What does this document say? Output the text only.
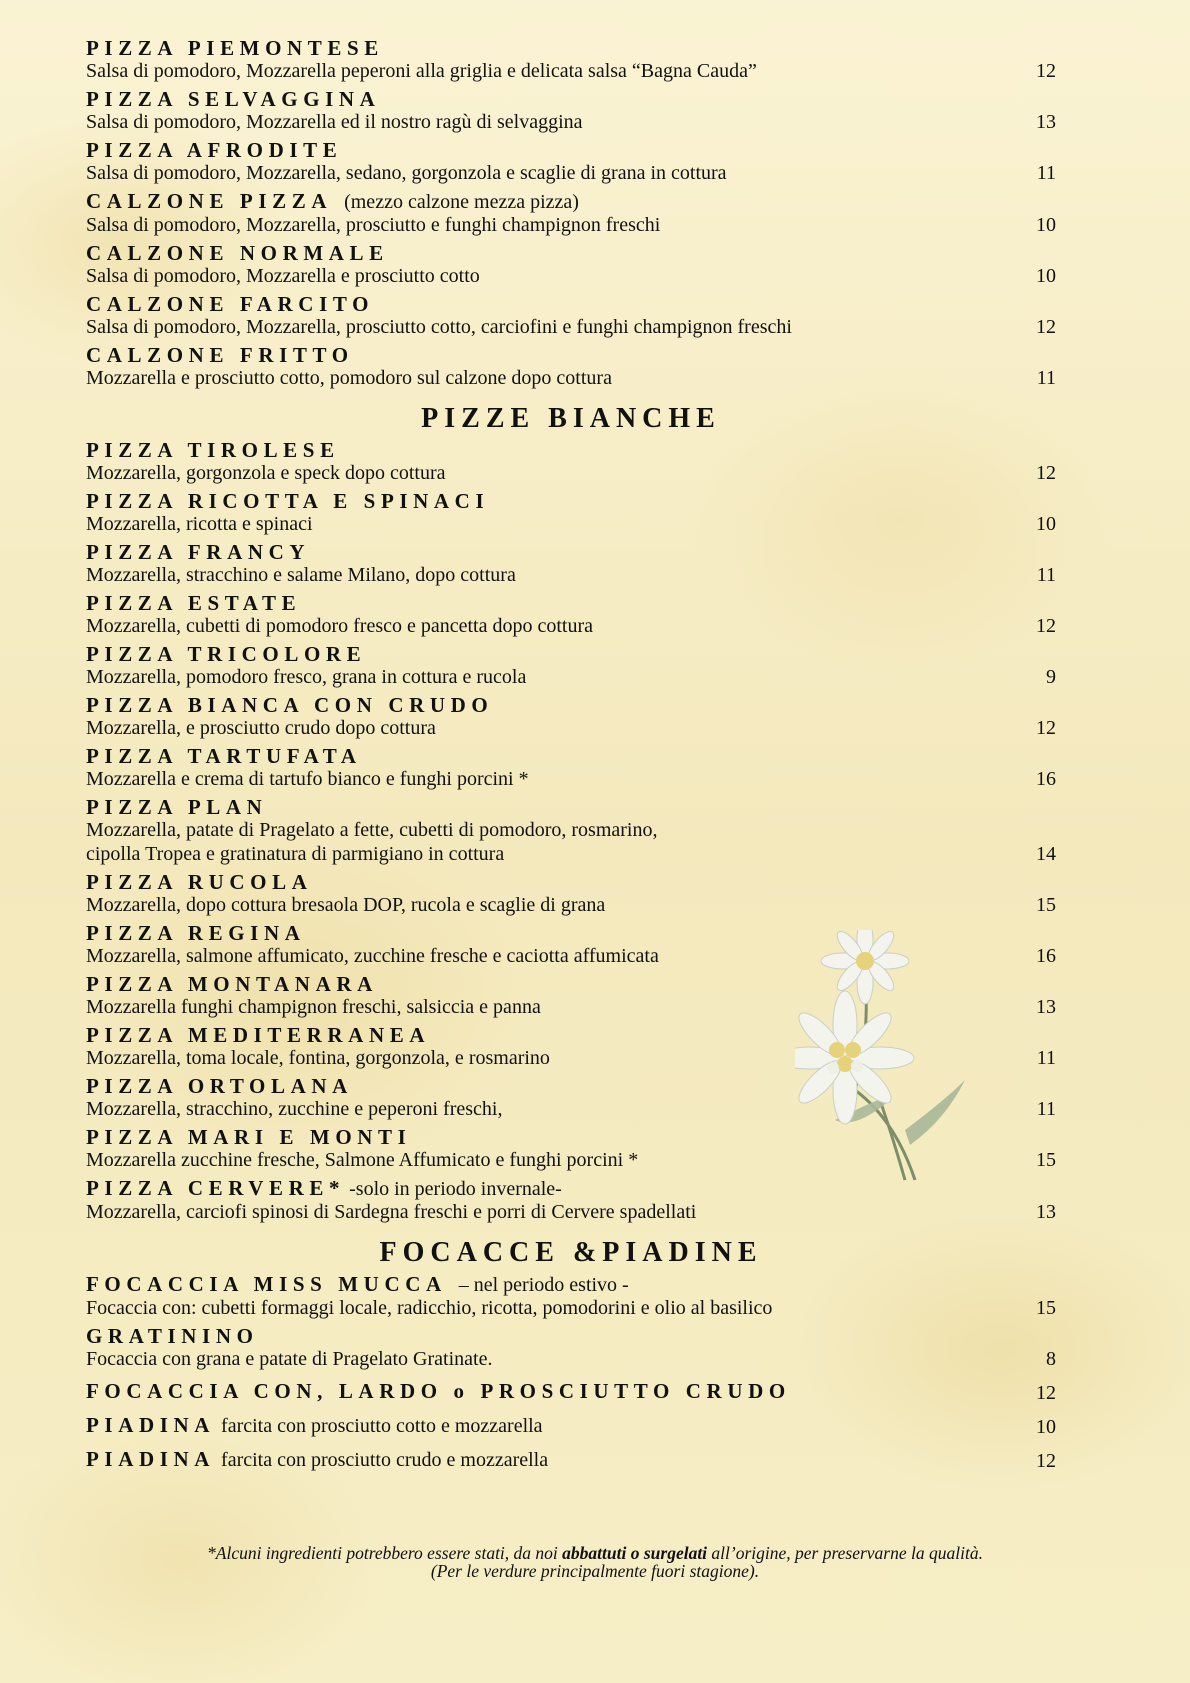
PIZZA PIEMONTESE
Salsa di pomodoro, Mozzarella peperoni alla griglia e delicata salsa “Bagna Cauda”	12
PIZZA SELVAGGINA
Salsa di pomodoro, Mozzarella ed il nostro ragù di selvaggina	13
PIZZA AFRODITE
Salsa di pomodoro, Mozzarella, sedano, gorgonzola e scaglie di grana in cottura	11
CALZONE PIZZA (mezzo calzone mezza pizza)
Salsa di pomodoro, Mozzarella, prosciutto e funghi champignon freschi	10
CALZONE NORMALE
Salsa di pomodoro, Mozzarella e prosciutto cotto	10
CALZONE FARCITO
Salsa di pomodoro, Mozzarella, prosciutto cotto, carciofini e funghi champignon freschi	12
CALZONE FRITTO
Mozzarella e prosciutto cotto, pomodoro sul calzone dopo cottura	11
PIZZE BIANCHE
PIZZA TIROLESE
Mozzarella, gorgonzola e speck dopo cottura	12
PIZZA RICOTTA E SPINACI
Mozzarella, ricotta e spinaci	10
PIZZA FRANCY
Mozzarella, stracchino e salame Milano, dopo cottura	11
PIZZA ESTATE
Mozzarella, cubetti di pomodoro fresco e pancetta dopo cottura	12
PIZZA TRICOLORE
Mozzarella, pomodoro fresco, grana in cottura e rucola	9
PIZZA BIANCA CON CRUDO
Mozzarella, e prosciutto crudo dopo cottura	12
PIZZA TARTUFATA
Mozzarella e crema di tartufo bianco e funghi porcini *	16
PIZZA PLAN
Mozzarella, patate di Pragelato a fette, cubetti di pomodoro, rosmarino,
cipolla Tropea e gratinatura di parmigiano in cottura	14
PIZZA RUCOLA
Mozzarella, dopo cottura bresaola DOP, rucola e scaglie di grana	15
PIZZA REGINA
Mozzarella, salmone affumicato, zucchine fresche e caciotta affumicata	16
PIZZA MONTANARA
Mozzarella funghi champignon freschi, salsiccia e panna	13
PIZZA MEDITERRANEA
Mozzarella, toma locale, fontina, gorgonzola, e rosmarino	11
PIZZA ORTOLANA
Mozzarella, stracchino, zucchine e peperoni freschi,	11
PIZZA MARI E MONTI
Mozzarella zucchine fresche, Salmone Affumicato e funghi porcini *	15
PIZZA CERVERE* -solo in periodo invernale-
Mozzarella, carciofi spinosi di Sardegna freschi e porri di Cervere spadellati	13
FOCACCE &PIADINE
FOCACCIA MISS MUCCA – nel periodo estivo -
Focaccia con: cubetti formaggi locale, radicchio, ricotta, pomodorini e olio al basilico	15
GRATININO
Focaccia con grana e patate di Pragelato Gratinate.	8
FOCACCIA CON, LARDO o PROSCIUTTO CRUDO	12
PIADINA farcita con prosciutto cotto e mozzarella	10
PIADINA farcita con prosciutto crudo e mozzarella	12
*Alcuni ingredienti potrebbero essere stati, da noi abbattuti o surgelati all’origine, per preservarne la qualità.
(Per le verdure principalmente fuori stagione).
